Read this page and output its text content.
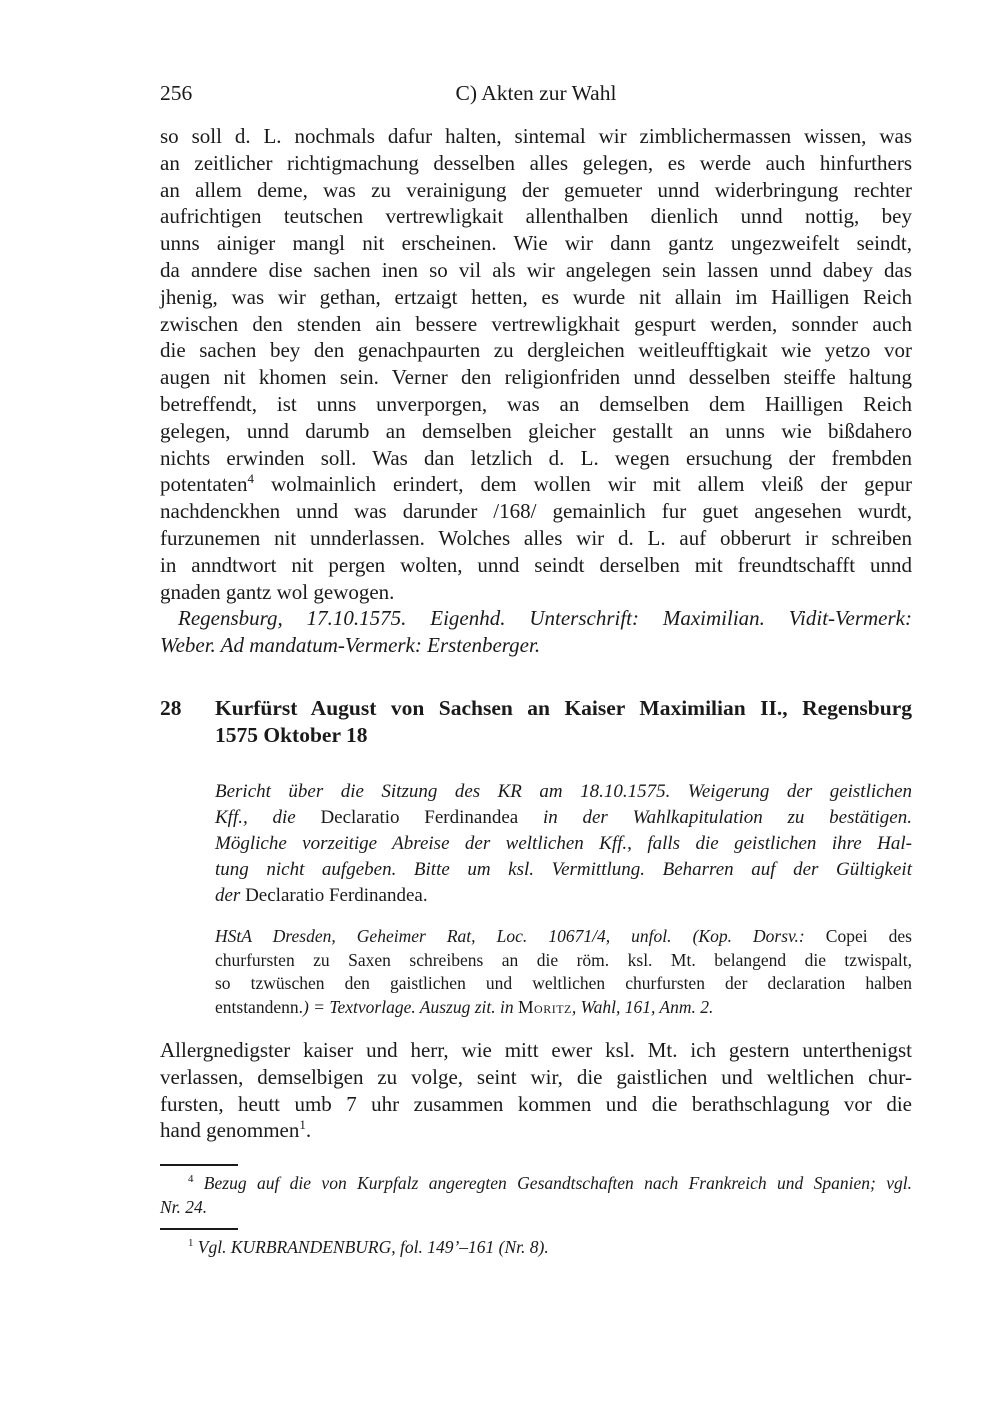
256	C) Akten zur Wahl
so soll d. L. nochmals dafur halten, sintemal wir zimblichermassen wissen, was
an zeitlicher richtigmachung desselben alles gelegen, es werde auch hinfurthers
an allem deme, was zu verainigung der gemueter unnd widerbringung rechter
aufrichtigen teutschen vertrewligkait allenthalben dienlich unnd nottig, bey
unns ainiger mangl nit erscheinen. Wie wir dann gantz ungezweifelt seindt,
da anndere dise sachen inen so vil als wir angelegen sein lassen unnd dabey das
jhenig, was wir gethan, ertzaigt hetten, es wurde nit allain im Hailligen Reich
zwischen den stenden ain bessere vertrewligkhait gespurt werden, sonnder auch
die sachen bey den genachpaurten zu dergleichen weitleufftigkait wie yetzo vor
augen nit khomen sein. Verner den religionfriden unnd desselben steiffe haltung
betreffendt, ist unns unverporgen, was an demselben dem Hailligen Reich
gelegen, unnd darumb an demselben gleicher gestallt an unns wie bißdahero
nichts erwinden soll. Was dan letzlich d. L. wegen ersuchung der frembden
potentaten$^4$ wolmainlich erindert, dem wollen wir mit allem vleiß der gepur
nachdenckhen unnd was darunder /168/ gemainlich fur guet angesehen wurdt,
furzunemen nit unnderlassen. Wolches alles wir d. L. auf obberurt ir schreiben
in anndtwort nit pergen wolten, unnd seindt derselben mit freundtschafft unnd
gnaden gantz wol gewogen.
Regensburg, 17.10.1575. Eigenhd. Unterschrift: Maximilian. Vidit-Vermerk:
Weber. Ad mandatum-Vermerk: Erstenberger.
28	Kurfürst August von Sachsen an Kaiser Maximilian II., Regensburg
1575 Oktober 18
Bericht über die Sitzung des KR am 18.10.1575. Weigerung der geistlichen
Kff., die Declaratio Ferdinandea in der Wahlkapitulation zu bestätigen.
Mögliche vorzeitige Abreise der weltlichen Kff., falls die geistlichen ihre Hal-
tung nicht aufgeben. Bitte um ksl. Vermittlung. Beharren auf der Gültigkeit
der Declaratio Ferdinandea.
HStA Dresden, Geheimer Rat, Loc. 10671/4, unfol. (Kop. Dorsv.: Copei des
churfursten zu Saxen schreibens an die röm. ksl. Mt. belangend die tzwispalt,
so tzwüschen den gaistlichen und weltlichen churfursten der declaration halben
entstandenn.) = Textvorlage. Auszug zit. in Moritz, Wahl, 161, Anm. 2.
Allergnedigster kaiser und herr, wie mitt ewer ksl. Mt. ich gestern unterthenigst
verlassen, demselbigen zu volge, seint wir, die gaistlichen und weltlichen chur-
fursten, heutt umb 7 uhr zusammen kommen und die berathschlagung vor die
hand genommen$^1$.
$^4$ Bezug auf die von Kurpfalz angeregten Gesandtschaften nach Frankreich und Spanien; vgl.
Nr. 24.
$^1$ Vgl. KURBRANDENBURG, fol. 149’–161 (Nr. 8).
